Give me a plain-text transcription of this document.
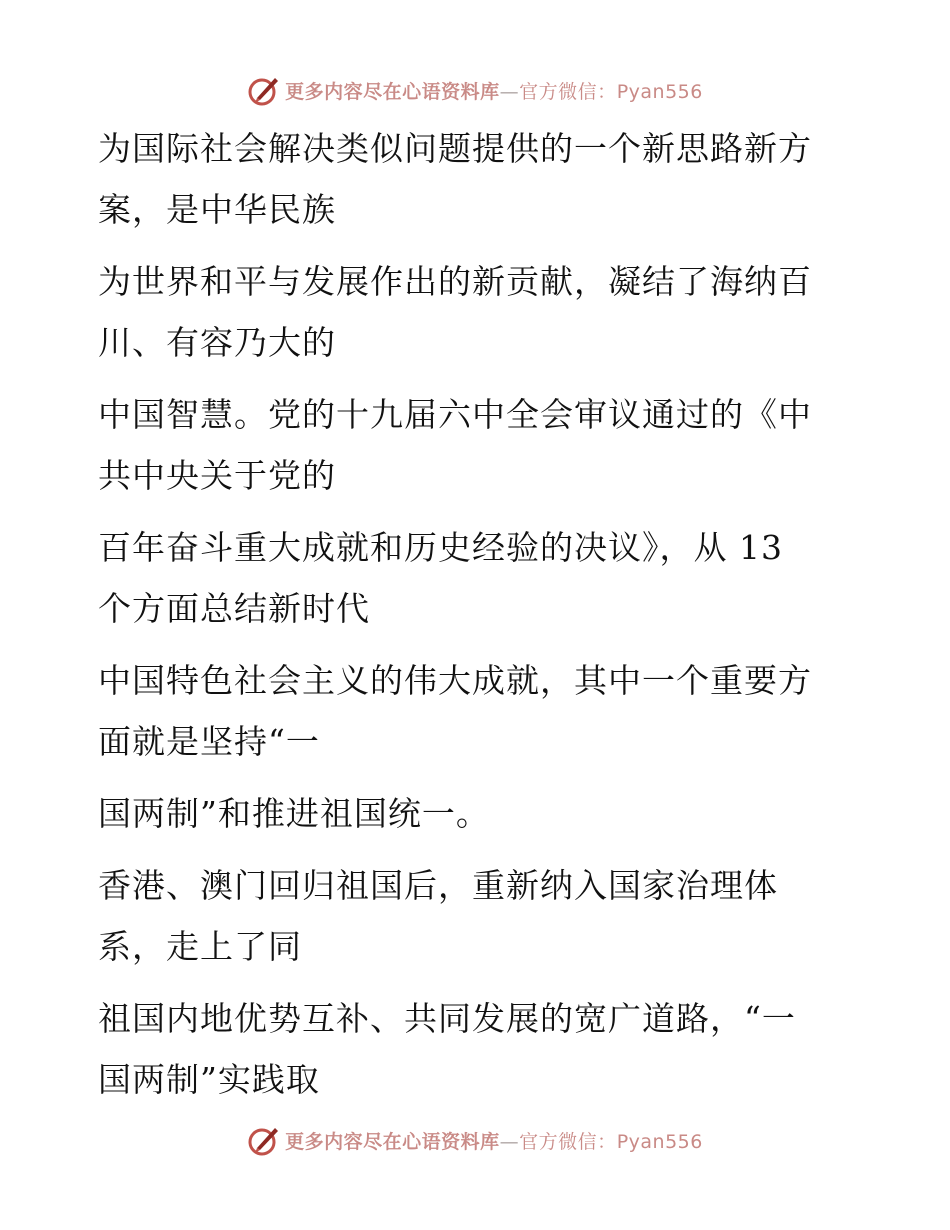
更多内容尽在心语资料库—官方微信：Pyan556

为国际社会解决类似问题提供的一个新思路新方
案，是中华民族

为世界和平与发展作出的新贡献，凝结了海纳百
川、有容乃大的

中国智慧。党的十九届六中全会审议通过的《中
共中央关于党的

百年奋斗重大成就和历史经验的决议》，从 13
个方面总结新时代

中国特色社会主义的伟大成就，其中一个重要方
面就是坚持“一

国两制”和推进祖国统一。

香港、澳门回归祖国后，重新纳入国家治理体
系，走上了同

祖国内地优势互补、共同发展的宽广道路，“一
国两制”实践取

更多内容尽在心语资料库—官方微信：Pyan556
